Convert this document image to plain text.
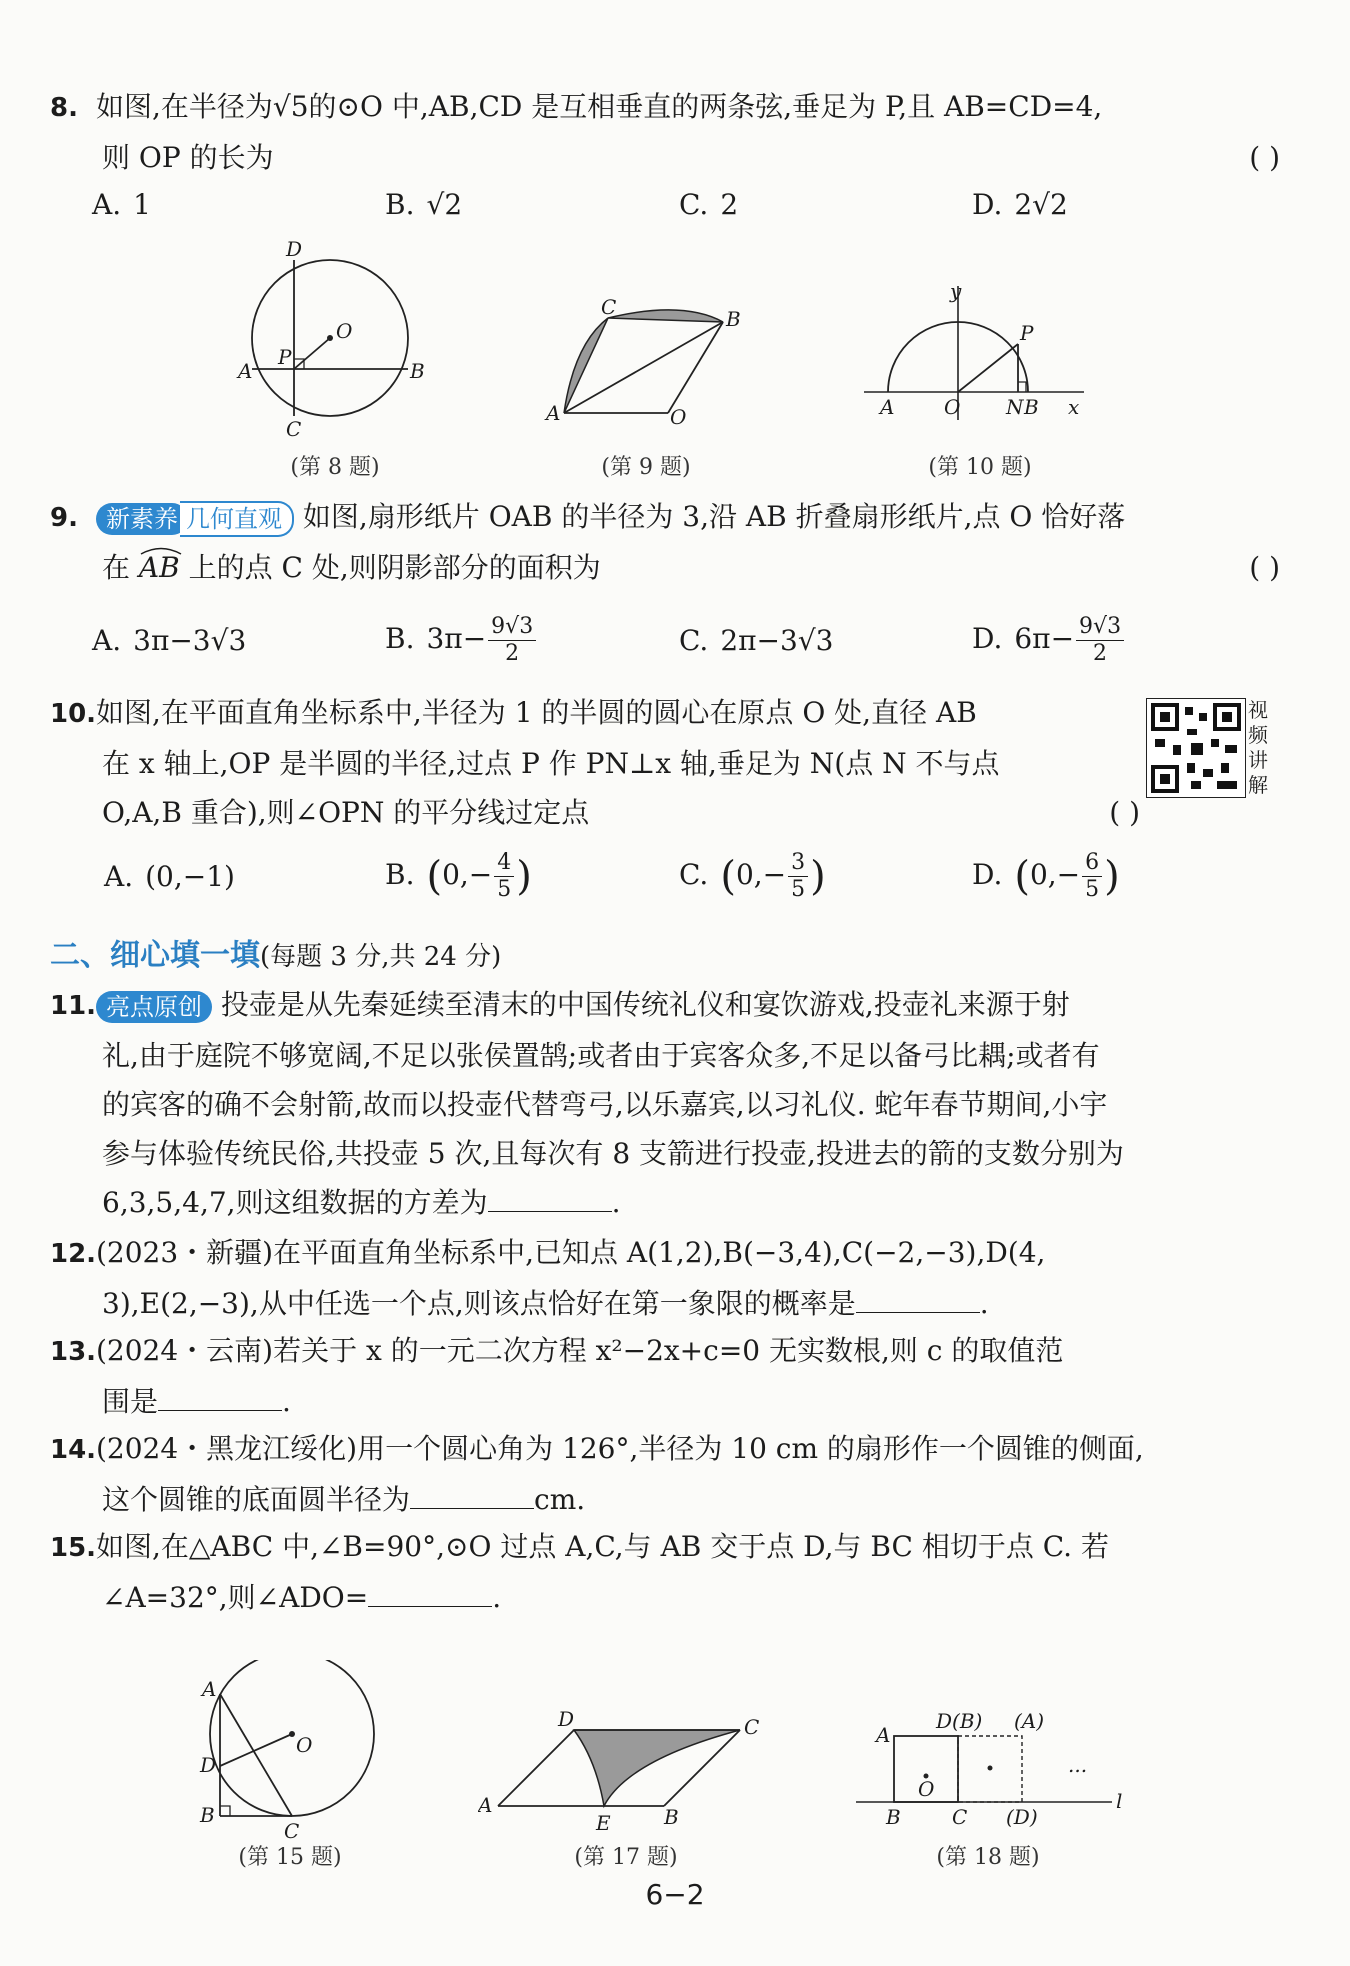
8. 如图,在半径为√5的⊙O 中,AB,CD 是互相垂直的两条弦,垂足为 P,且 AB=CD=4,
则 OP 的长为	( )
A. 1	B. √2	C. 2	D. 2√2
D
O
P
A	B
C
(第 8 题)
C	B
A	O
(第 9 题)
y
P
A O N B x
(第 10 题)
9. 新素养 几何直观 如图,扇形纸片 OAB 的半径为 3,沿 AB 折叠扇形纸片,点 O 恰好落
在 AB 上的点 C 处,则阴影部分的面积为	( )
A. 3π−3√3	B. $3\pi- \frac{9√3}{2}$	C. 2π−3√3	D. $6\pi- \frac{9√3}{2}$
10.如图,在平面直角坐标系中,半径为 1 的半圆的圆心在原点 O 处,直径 AB
在 x 轴上,OP 是半圆的半径,过点 P 作 PN⊥x 轴,垂足为 N(点 N 不与点
O,A,B 重合),则∠OPN 的平分线过定点	( )
视
频
讲
解
A. (0,−1)	B. ($0,- \frac{4}{5}$ )	C. ($0,- \frac{3}{5}$ )	D. ($0,- \frac{6}{5}$ )
二、细心填一填(每题 3 分,共 24 分)
11. 亮点原创 投壶是从先秦延续至清末的中国传统礼仪和宴饮游戏,投壶礼来源于射
礼,由于庭院不够宽阔,不足以张侯置鹄;或者由于宾客众多,不足以备弓比耦;或者有
的宾客的确不会射箭,故而以投壶代替弯弓,以乐嘉宾,以习礼仪. 蛇年春节期间,小宇
参与体验传统民俗,共投壶 5 次,且每次有 8 支箭进行投壶,投进去的箭的支数分别为
6,3,5,4,7,则这组数据的方差为	.
12.(2023・新疆)在平面直角坐标系中,已知点 A(1,2),B(−3,4),C(−2,−3),D(4,
3),E(2,−3),从中任选一个点,则该点恰好在第一象限的概率是	.
13.(2024・云南)若关于 x 的一元二次方程 x²−2x+c=0 无实数根,则 c 的取值范
围是	.
14.(2024・黑龙江绥化)用一个圆心角为 126°,半径为 10 cm 的扇形作一个圆锥的侧面,
这个圆锥的底面圆半径为	cm.
15.如图,在△ABC 中,∠B=90°,⊙O 过点 A,C,与 AB 交于点 D,与 BC 相切于点 C. 若
∠A=32°,则∠ADO=	.
A
O
D
B
C
(第 15 题)
D	C
A
E	B
(第 17 题)
A
D(B) (A)
O
...
B	C (D)
l
(第 18 题)
6−2
